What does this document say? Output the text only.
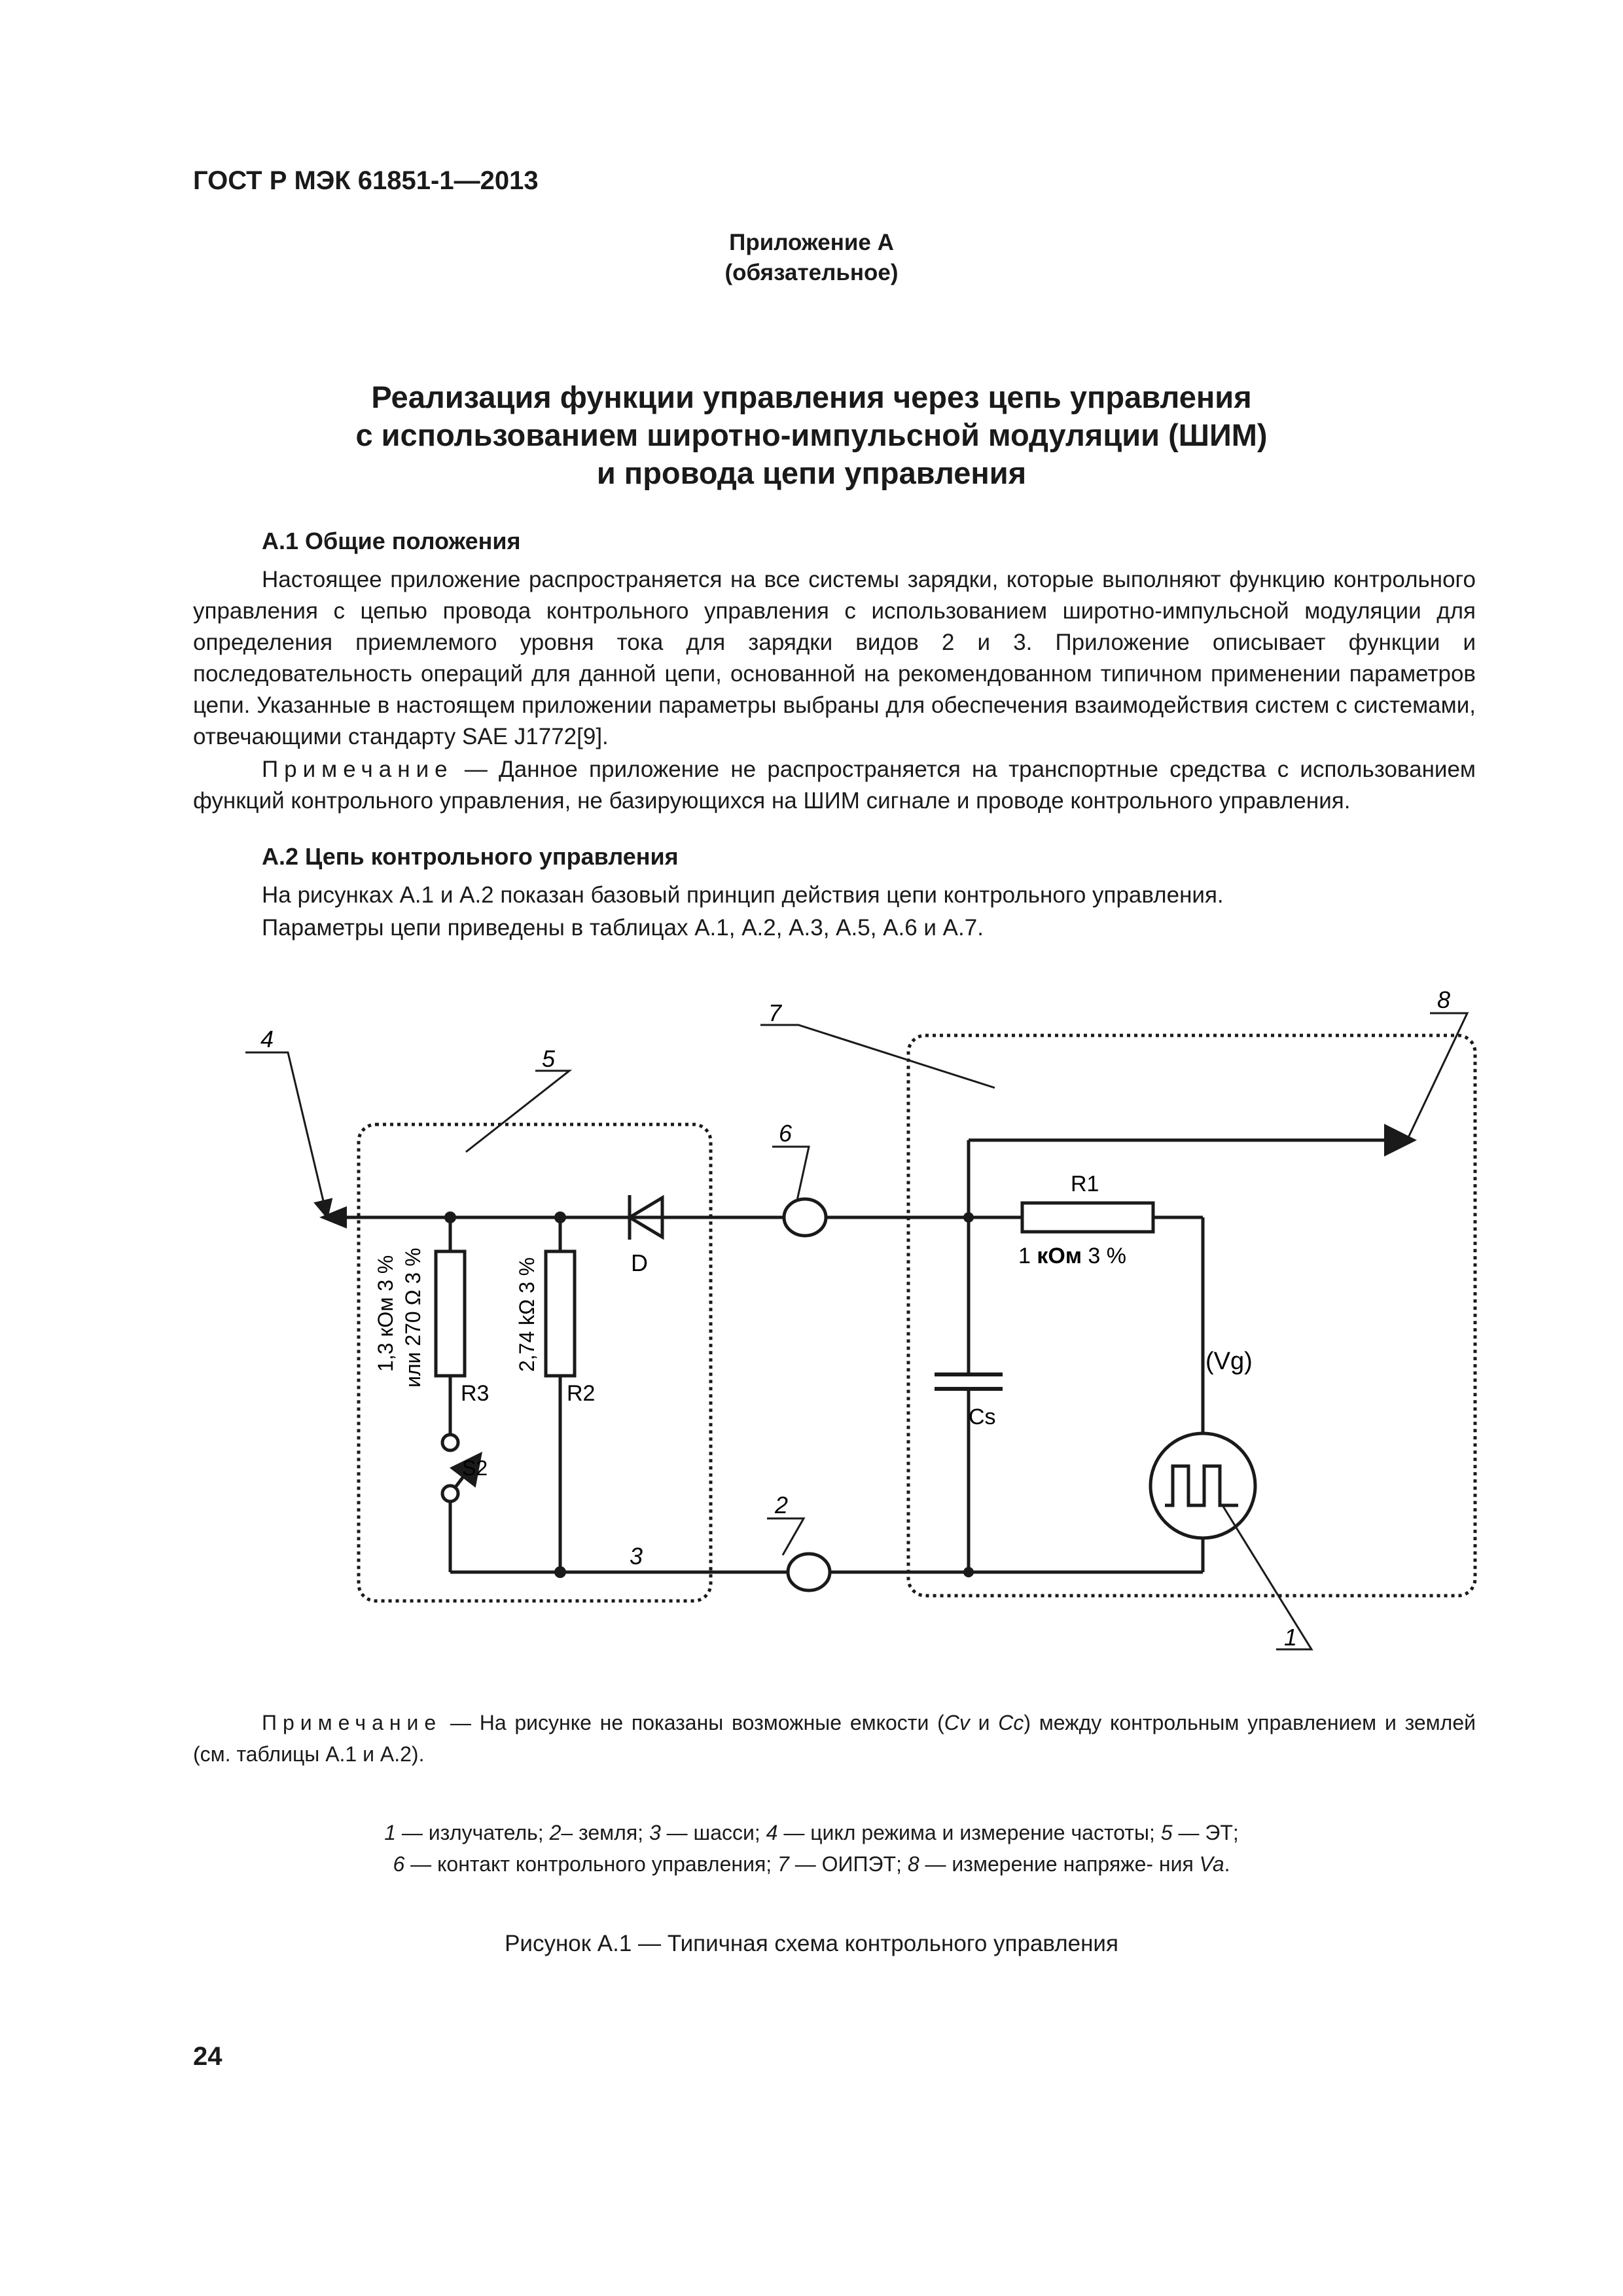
ГОСТ Р МЭК 61851-1—2013
Приложение А
(обязательное)
Реализация функции управления через цепь управления
с использованием широтно-импульсной модуляции (ШИМ)
и провода цепи управления
А.1 Общие положения
Настоящее приложение распространяется на все системы зарядки, которые выполняют функцию контрольного управления с цепью провода контрольного управления с использованием широтно-импульсной модуляции для определения приемлемого уровня тока для зарядки видов 2 и 3. Приложение описывает функции и последовательность операций для данной цепи, основанной на рекомендованном типичном применении параметров цепи. Указанные в настоящем приложении параметры выбраны для обеспечения взаимодействия систем с системами, отвечающими стандарту SAE J1772[9].
Примечание — Данное приложение не распространяется на транспортные средства с использованием функций контрольного управления, не базирующихся на ШИМ сигнале и проводе контрольного управления.
А.2 Цепь контрольного управления
На рисунках А.1 и А.2 показан базовый принцип действия цепи контрольного управления.
Параметры цепи приведены в таблицах А.1, А.2, А.3, А.5, А.6 и А.7.
4
5
6
7	8
2
3
1
R1
1 кОм 3 %
D
Cs
(Vg)
R3	R2
S2
1,3 кОм 3 % или 270 Ω 3 %	2,74 kΩ 3 %
Примечание — На рисунке не показаны возможные емкости (Cv и Cc) между контрольным управлением и землей (см. таблицы А.1 и А.2).
1 — излучатель; 2– земля; 3 — шасси; 4 — цикл режима и измерение частоты; 5 — ЭТ;
6 — контакт контрольного управления; 7 — ОИПЭТ; 8 — измерение напряже- ния Va.
Рисунок А.1 — Типичная схема контрольного управления
24
